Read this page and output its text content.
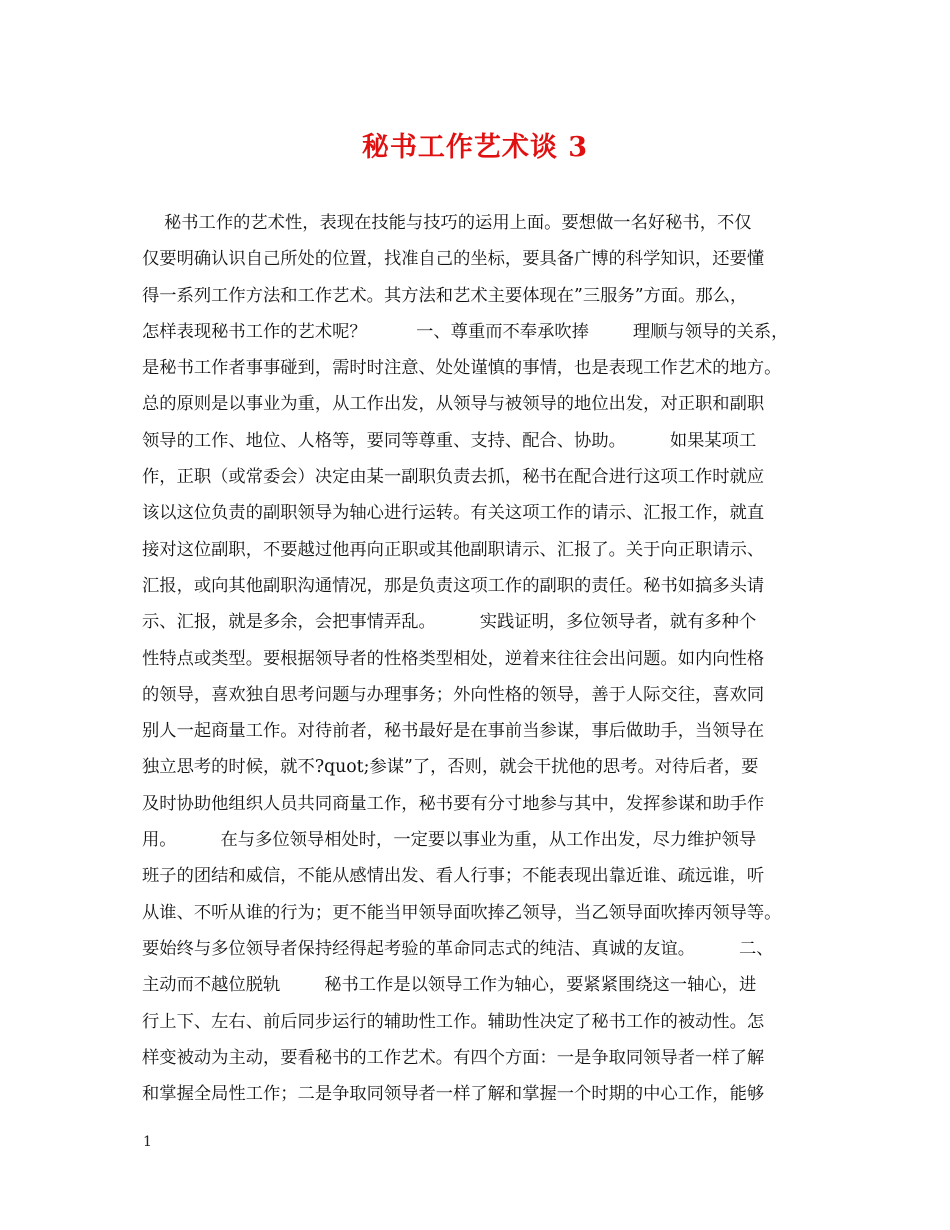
秘书工作艺术谈 3
秘书工作的艺术性，表现在技能与技巧的运用上面。要想做一名好秘书，不仅
仅要明确认识自己所处的位置，找准自己的坐标，要具备广博的科学知识，还要懂
得一系列工作方法和工作艺术。其方法和艺术主要体现在”三服务”方面。那么，
怎样表现秘书工作的艺术呢？         一、尊重而不奉承吹捧        理顺与领导的关系，
是秘书工作者事事碰到，需时时注意、处处谨慎的事情，也是表现工作艺术的地方。
总的原则是以事业为重，从工作出发，从领导与被领导的地位出发，对正职和副职
领导的工作、地位、人格等，要同等尊重、支持、配合、协助。        如果某项工
作，正职（或常委会）决定由某一副职负责去抓，秘书在配合进行这项工作时就应
该以这位负责的副职领导为轴心进行运转。有关这项工作的请示、汇报工作，就直
接对这位副职，不要越过他再向正职或其他副职请示、汇报了。关于向正职请示、
汇报，或向其他副职沟通情况，那是负责这项工作的副职的责任。秘书如搞多头请
示、汇报，就是多余，会把事情弄乱。        实践证明，多位领导者，就有多种个
性特点或类型。要根据领导者的性格类型相处，逆着来往往会出问题。如内向性格
的领导，喜欢独自思考问题与办理事务；外向性格的领导，善于人际交往，喜欢同
别人一起商量工作。对待前者，秘书最好是在事前当参谋，事后做助手，当领导在
独立思考的时候，就不?quot;参谋”了，否则，就会干扰他的思考。对待后者，要
及时协助他组织人员共同商量工作，秘书要有分寸地参与其中，发挥参谋和助手作
用。        在与多位领导相处时，一定要以事业为重，从工作出发，尽力维护领导
班子的团结和威信，不能从感情出发、看人行事；不能表现出靠近谁、疏远谁，听
从谁、不听从谁的行为；更不能当甲领导面吹捧乙领导，当乙领导面吹捧丙领导等。
要始终与多位领导者保持经得起考验的革命同志式的纯洁、真诚的友谊。        二、
主动而不越位脱轨        秘书工作是以领导工作为轴心，要紧紧围绕这一轴心，进
行上下、左右、前后同步运行的辅助性工作。辅助性决定了秘书工作的被动性。怎
样变被动为主动，要看秘书的工作艺术。有四个方面：一是争取同领导者一样了解
和掌握全局性工作；二是争取同领导者一样了解和掌握一个时期的中心工作，能够
1
